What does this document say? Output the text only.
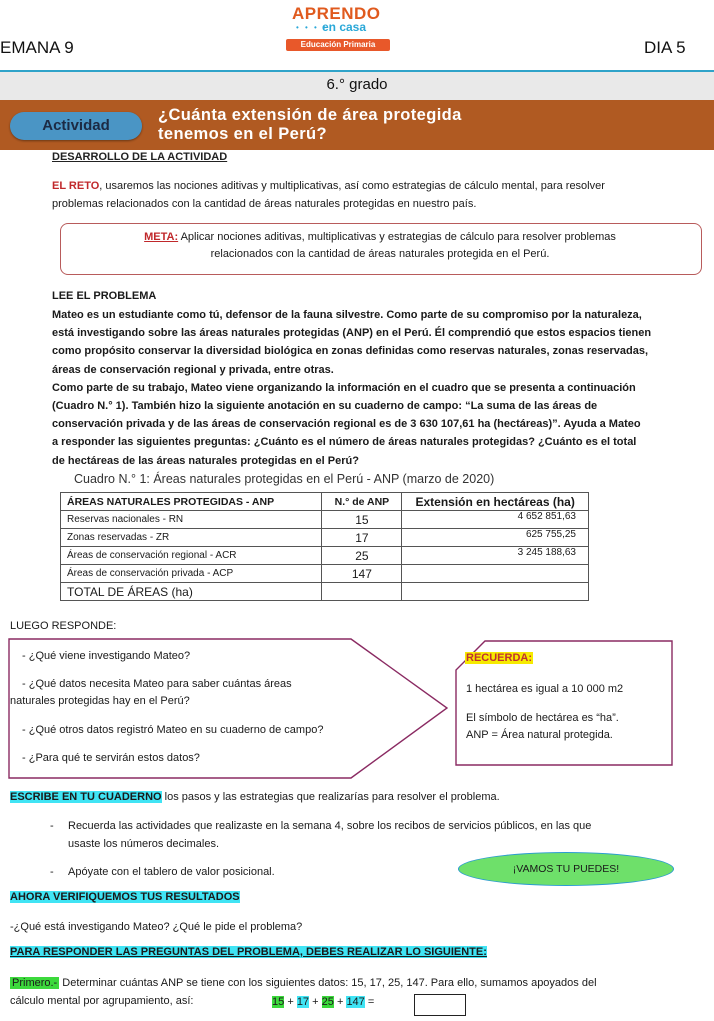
APRENDO
• • • •
en casa
Educación Primaria
EMANA 9	DIA 5
6.° grado
Actividad
¿Cuánta extensión de área protegida
tenemos en el Perú?
DESARROLLO DE LA ACTIVIDAD
EL RETO, usaremos las nociones aditivas y multiplicativas, así como estrategias de cálculo mental, para resolver
problemas relacionados con la cantidad de áreas naturales protegidas en nuestro país.
META: Aplicar nociones aditivas, multiplicativas y estrategias de cálculo para resolver problemas
relacionados con la cantidad de áreas naturales protegida en el Perú.
LEE EL PROBLEMA
Mateo es un estudiante como tú, defensor de la fauna silvestre. Como parte de su compromiso por la naturaleza,
está investigando sobre las áreas naturales protegidas (ANP) en el Perú. Él comprendió que estos espacios tienen
como propósito conservar la diversidad biológica en zonas definidas como reservas naturales, zonas reservadas,
áreas de conservación regional y privada, entre otras.
Como parte de su trabajo, Mateo viene organizando la información en el cuadro que se presenta a continuación
(Cuadro N.° 1). También hizo la siguiente anotación en su cuaderno de campo: “La suma de las áreas de
conservación privada y de las áreas de conservación regional es de 3 630 107,61 ha (hectáreas)”. Ayuda a Mateo
a responder las siguientes preguntas: ¿Cuánto es el número de áreas naturales protegidas? ¿Cuánto es el total
de hectáreas de las áreas naturales protegidas en el Perú?
Cuadro N.° 1: Áreas naturales protegidas en el Perú - ANP (marzo de 2020)
ÁREAS NATURALES PROTEGIDAS - ANP	N.° de ANP	Extensión en hectáreas (ha)
Reservas nacionales - RN	15	4 652 851,63
Zonas reservadas - ZR	17	625 755,25
Áreas de conservación regional - ACR	25	3 245 188,63
Áreas de conservación privada - ACP	147	
TOTAL DE ÁREAS (ha)		
LUEGO RESPONDE:
- ¿Qué viene investigando Mateo?
- ¿Qué datos necesita Mateo para saber cuántas áreas
naturales protegidas hay en el Perú?
- ¿Qué otros datos registró Mateo en su cuaderno de campo?
- ¿Para qué te servirán estos datos?
RECUERDA:
1 hectárea es igual a 10 000 m2
El símbolo de hectárea es “ha”.
ANP = Área natural protegida.
ESCRIBE EN TU CUADERNO los pasos y las estrategias que realizarías para resolver el problema.
- Recuerda las actividades que realizaste en la semana 4, sobre los recibos de servicios públicos, en las que
usaste los números decimales.
- Apóyate con el tablero de valor posicional.	¡VAMOS TU PUEDES!
AHORA VERIFIQUEMOS TUS RESULTADOS
-¿Qué está investigando Mateo? ¿Qué le pide el problema?
PARA RESPONDER LAS PREGUNTAS DEL PROBLEMA, DEBES REALIZAR LO SIGUIENTE:
Primero.- Determinar cuántas ANP se tiene con los siguientes datos: 15, 17, 25, 147. Para ello, sumamos apoyados del
cálculo mental por agrupamiento, así:	15 + 17 + 25 + 147 =
